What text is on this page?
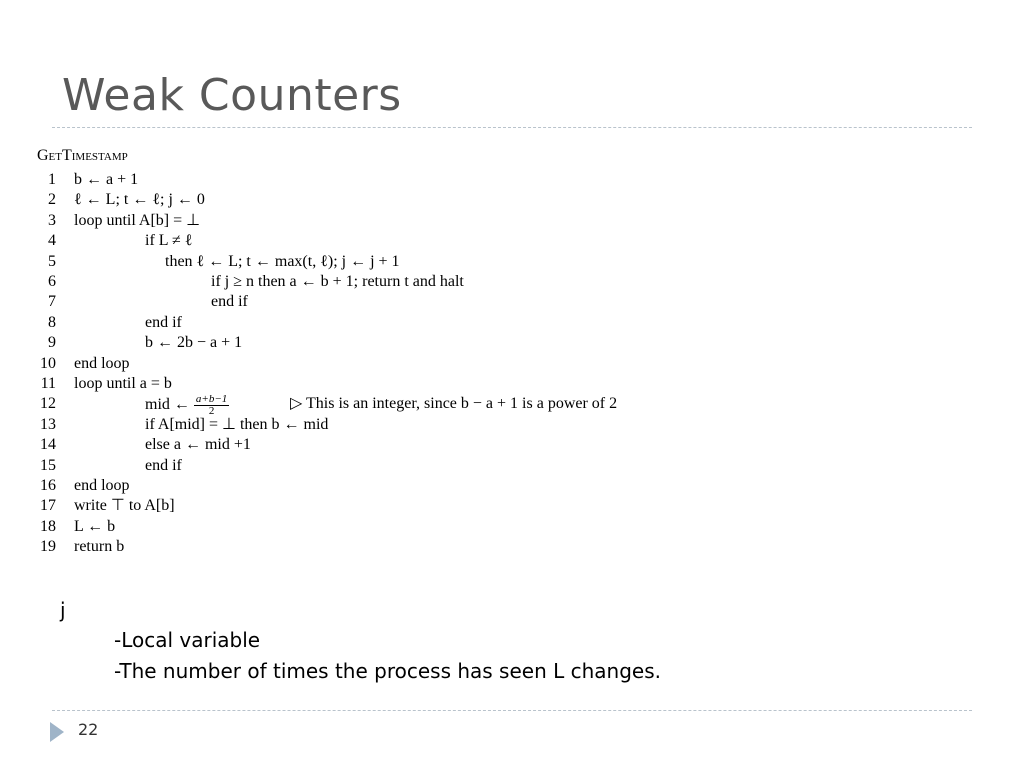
Weak Counters
GetTimestamp
1 b ← a + 1
2 ℓ ← L; t ← ℓ; j ← 0
3 loop until A[b] = ⊥
4	if L ≠ ℓ
5	then ℓ ← L; t ← max(t, ℓ); j ← j + 1
6	if j ≥ n then a ← b + 1; return t and halt
7	end if
8	end if
9	b ← 2b − a + 1
10 end loop
11 loop until a = b
12	mid ← $\frac{a+b-1}{2}$	▷ This is an integer, since b − a + 1 is a power of 2
13	if A[mid] = ⊥ then b ← mid
14	else a ← mid +1
15	end if
16 end loop
17 write ⊤ to A[b]
18 L ← b
19 return b
j
-Local variable
-The number of times the process has seen L changes.
22
